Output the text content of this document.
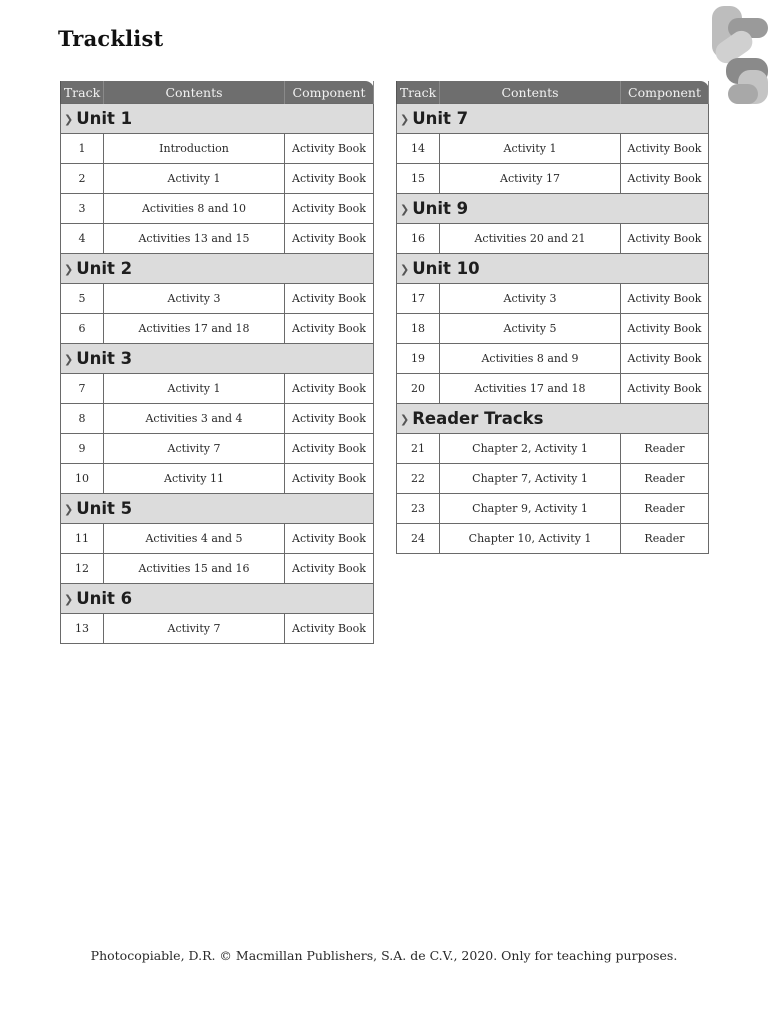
Tracklist
Track	Contents	Component
❯ Unit 1		
1	Introduction	Activity Book
2	Activity 1	Activity Book
3	Activities 8 and 10	Activity Book
4	Activities 13 and 15	Activity Book
❯ Unit 2		
5	Activity 3	Activity Book
6	Activities 17 and 18	Activity Book
❯ Unit 3		
7	Activity 1	Activity Book
8	Activities 3 and 4	Activity Book
9	Activity 7	Activity Book
10	Activity 11	Activity Book
❯ Unit 5		
11	Activities 4 and 5	Activity Book
12	Activities 15 and 16	Activity Book
❯ Unit 6		
13	Activity 7	Activity Book
Track	Contents	Component
❯ Unit 7		
14	Activity 1	Activity Book
15	Activity 17	Activity Book
❯ Unit 9		
16	Activities 20 and 21	Activity Book
❯ Unit 10		
17	Activity 3	Activity Book
18	Activity 5	Activity Book
19	Activities 8 and 9	Activity Book
20	Activities 17 and 18	Activity Book
❯ Reader Tracks		
21	Chapter 2, Activity 1	Reader
22	Chapter 7, Activity 1	Reader
23	Chapter 9, Activity 1	Reader
24	Chapter 10, Activity 1	Reader
Photocopiable, D.R. © Macmillan Publishers, S.A. de C.V., 2020. Only for teaching purposes.
